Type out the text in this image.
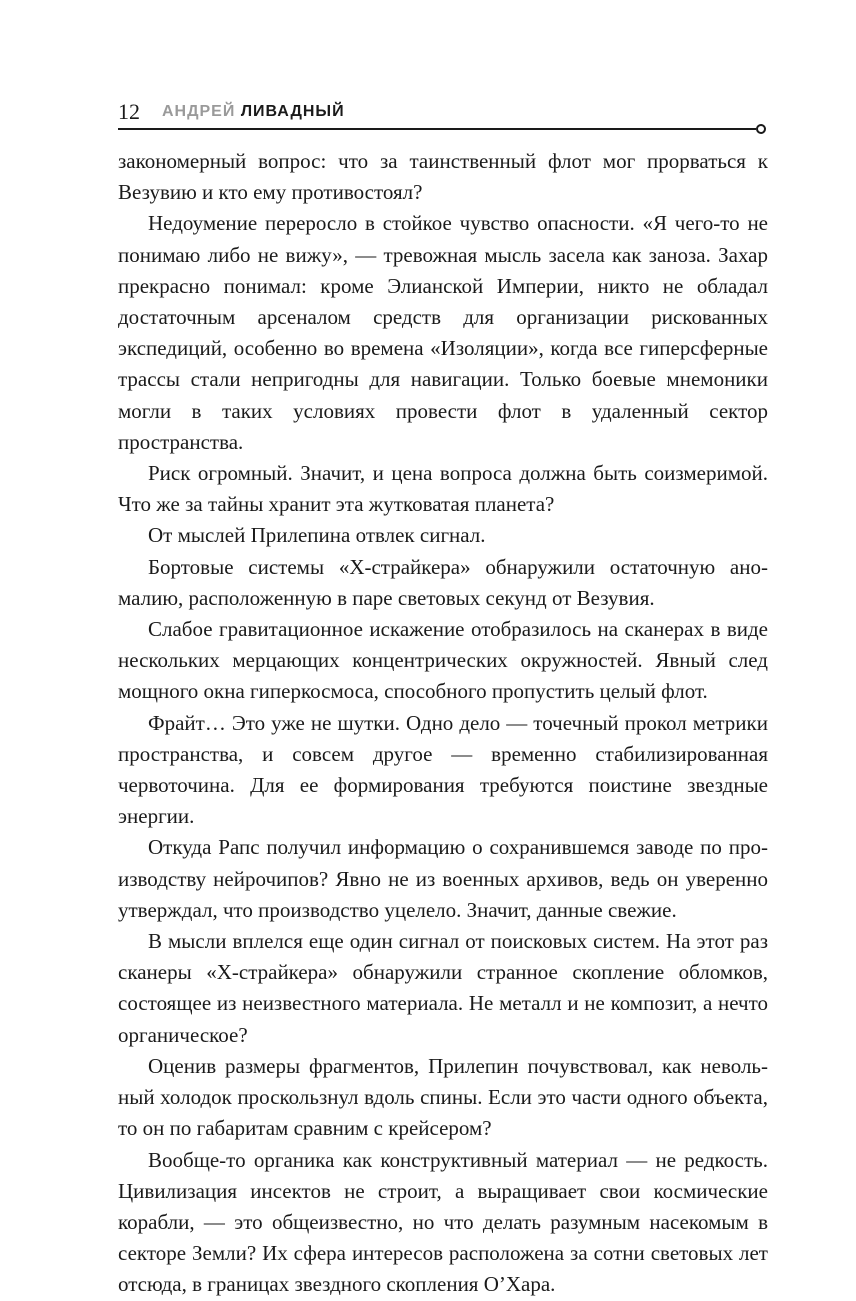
12 АНДРЕЙ ЛИВАДНЫЙ

закономерный вопрос: что за таинственный флот мог прорваться к Везувию и кто ему противостоял?

Недоумение переросло в стойкое чувство опасности. «Я чего-то не понимаю либо не вижу», — тревожная мысль засела как заноза. Захар прекрасно понимал: кроме Элианской Империи, никто не обладал достаточным арсеналом средств для организации рискованных экспедиций, особенно во времена «Изоляции», когда все гиперсферные трассы стали непригодны для навигации. Только боевые мнемоники могли в таких условиях провести флот в удаленный сектор пространства.

Риск огромный. Значит, и цена вопроса должна быть соизмеримой. Что же за тайны хранит эта жутковатая планета?

От мыслей Прилепина отвлек сигнал.

Бортовые системы «Х-страйкера» обнаружили остаточную аномалию, расположенную в паре световых секунд от Везувия.

Слабое гравитационное искажение отобразилось на сканерах в виде нескольких мерцающих концентрических окружностей. Явный след мощного окна гиперкосмоса, способного пропустить целый флот.

Фрайт… Это уже не шутки. Одно дело — точечный прокол метрики пространства, и совсем другое — временно стабилизированная червоточина. Для ее формирования требуются поистине звездные энергии.

Откуда Рапс получил информацию о сохранившемся заводе по производству нейрочипов? Явно не из военных архивов, ведь он уверенно утверждал, что производство уцелело. Значит, данные свежие.

В мысли вплелся еще один сигнал от поисковых систем. На этот раз сканеры «Х-страйкера» обнаружили странное скопление обломков, состоящее из неизвестного материала. Не металл и не композит, а нечто органическое?

Оценив размеры фрагментов, Прилепин почувствовал, как невольный холодок проскользнул вдоль спины. Если это части одного объекта, то он по габаритам сравним с крейсером?

Вообще-то органика как конструктивный материал — не редкость. Цивилизация инсектов не строит, а выращивает свои космические корабли, — это общеизвестно, но что делать разумным насекомым в секторе Земли? Их сфера интересов расположена за сотни световых лет отсюда, в границах звездного скопления О’Хара.
